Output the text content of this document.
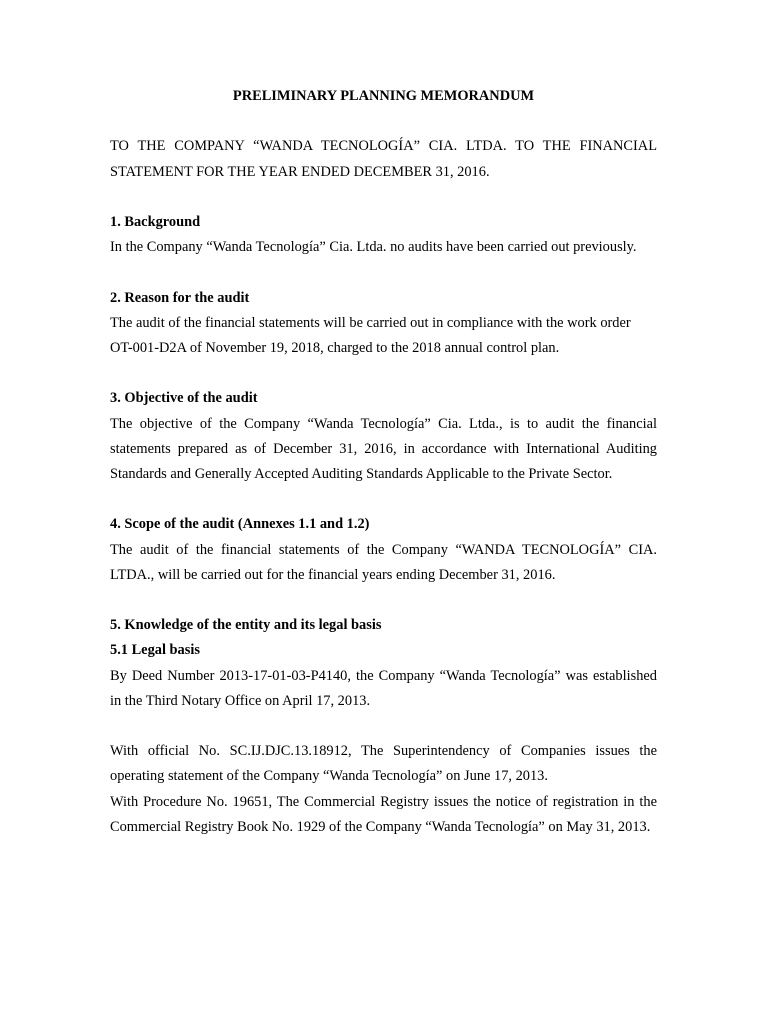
PRELIMINARY PLANNING MEMORANDUM

TO THE COMPANY “WANDA TECNOLOGÍA” CIA. LTDA. TO THE FINANCIAL STATEMENT FOR THE YEAR ENDED DECEMBER 31, 2016.

1. Background

In the Company “Wanda Tecnología” Cia. Ltda. no audits have been carried out previously.

2. Reason for the audit

The audit of the financial statements will be carried out in compliance with the work order

OT-001-D2A of November 19, 2018, charged to the 2018 annual control plan.

3. Objective of the audit

The objective of the Company “Wanda Tecnología” Cia. Ltda., is to audit the financial statements prepared as of December 31, 2016, in accordance with International Auditing Standards and Generally Accepted Auditing Standards Applicable to the Private Sector.

4. Scope of the audit (Annexes 1.1 and 1.2)

The audit of the financial statements of the Company “WANDA TECNOLOGÍA” CIA. LTDA., will be carried out for the financial years ending December 31, 2016.

5. Knowledge of the entity and its legal basis

5.1 Legal basis

By Deed Number 2013-17-01-03-P4140, the Company “Wanda Tecnología” was established in the Third Notary Office on April 17, 2013.

With official No. SC.IJ.DJC.13.18912, The Superintendency of Companies issues the operating statement of the Company “Wanda Tecnología” on June 17, 2013.

With Procedure No. 19651, The Commercial Registry issues the notice of registration in the Commercial Registry Book No. 1929 of the Company “Wanda Tecnología” on May 31, 2013.
